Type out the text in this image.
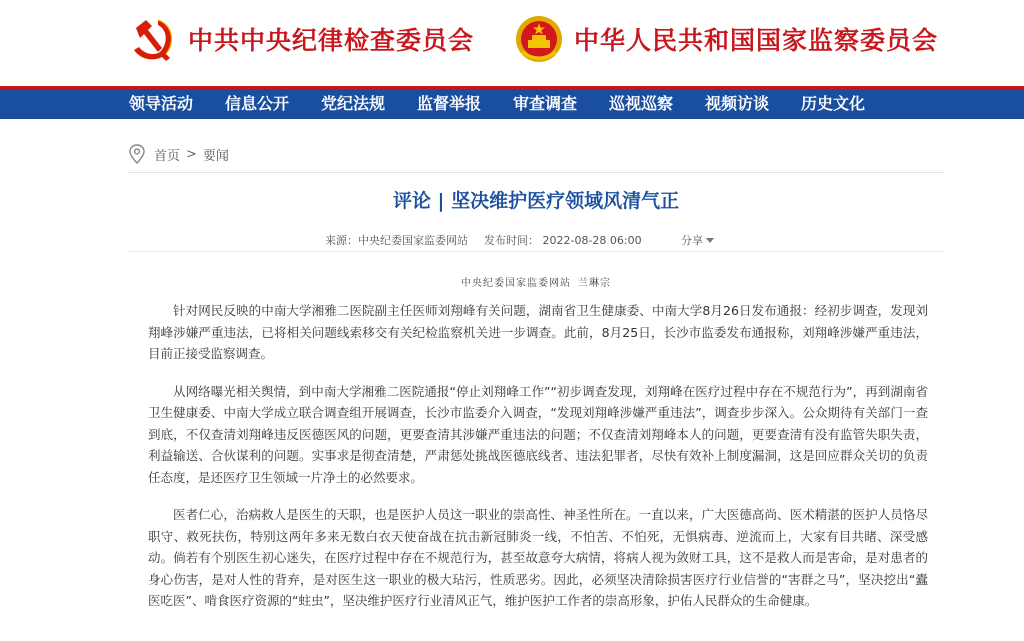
中共中央纪律检查委员会	中华人民共和国国家监察委员会
领导活动	信息公开	党纪法规	监督举报	审查调查	巡视巡察	视频访谈	历史文化
首页 > 要闻
评论 | 坚决维护医疗领域风清气正
来源：中央纪委国家监委网站 发布时间： 2022-08-28 06:00	分享
中央纪委国家监委网站 兰琳宗

针对网民反映的中南大学湘雅二医院副主任医师刘翔峰有关问题，湖南省卫生健康委、中南大学8月26日发布通报：经初步调查，发现刘翔峰涉嫌严重违法，已将相关问题线索移交有关纪检监察机关进一步调查。此前，8月25日，长沙市监委发布通报称，刘翔峰涉嫌严重违法，目前正接受监察调查。

从网络曝光相关舆情，到中南大学湘雅二医院通报“停止刘翔峰工作”“初步调查发现，刘翔峰在医疗过程中存在不规范行为”，再到湖南省卫生健康委、中南大学成立联合调查组开展调查，长沙市监委介入调查，“发现刘翔峰涉嫌严重违法”，调查步步深入。公众期待有关部门一查到底，不仅查清刘翔峰违反医德医风的问题，更要查清其涉嫌严重违法的问题；不仅查清刘翔峰本人的问题，更要查清有没有监管失职失责，利益输送、合伙谋利的问题。实事求是彻查清楚，严肃惩处挑战医德底线者、违法犯罪者，尽快有效补上制度漏洞，这是回应群众关切的负责任态度，是还医疗卫生领域一片净土的必然要求。

医者仁心，治病救人是医生的天职，也是医护人员这一职业的崇高性、神圣性所在。一直以来，广大医德高尚、医术精湛的医护人员恪尽职守、救死扶伤，特别这两年多来无数白衣天使奋战在抗击新冠肺炎一线，不怕苦、不怕死，无惧病毒、逆流而上，大家有目共睹、深受感动。倘若有个别医生初心迷失，在医疗过程中存在不规范行为，甚至故意夸大病情，将病人视为敛财工具，这不是救人而是害命，是对患者的身心伤害，是对人性的背弃，是对医生这一职业的极大玷污，性质恶劣。因此，必须坚决清除损害医疗行业信誉的“害群之马”，坚决挖出“蠹医吃医”、啃食医疗资源的“蛀虫”，坚决维护医疗行业清风正气，维护医护工作者的崇高形象，护佑人民群众的生命健康。
